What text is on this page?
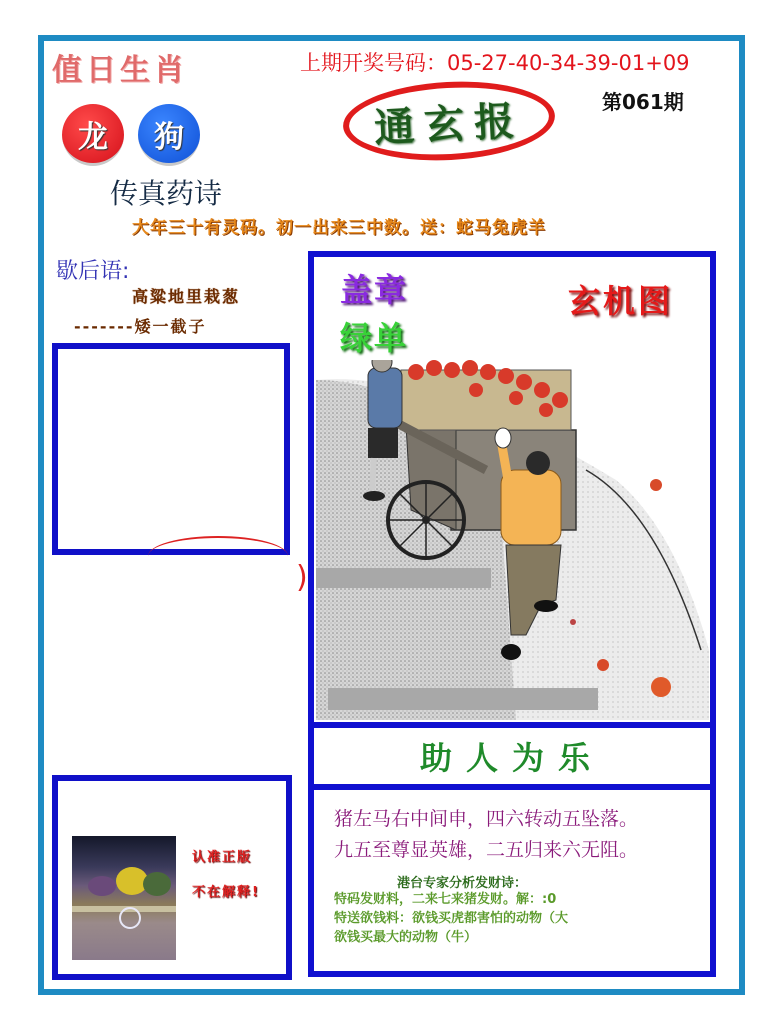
值日生肖	上期开奖号码：05-27-40-34-39-01+09
第061期
龙 狗
传真药诗
通玄报
大年三十有灵码。初一出来三中数。送：蛇马兔虎羊
歇后语:
高粱地里栽葱
-------矮一截子
)
盖章
绿单
玄机图
助人为乐
猪左马右中间申，四六转动五坠落。
九五至尊显英雄，二五归来六无阻。
港台专家分析发财诗：
特码发财料，二来七来猪发财。解：:0
特送欲钱料：欲钱买虎都害怕的动物（大
欲钱买最大的动物（牛）
认准正版
不在解释!
